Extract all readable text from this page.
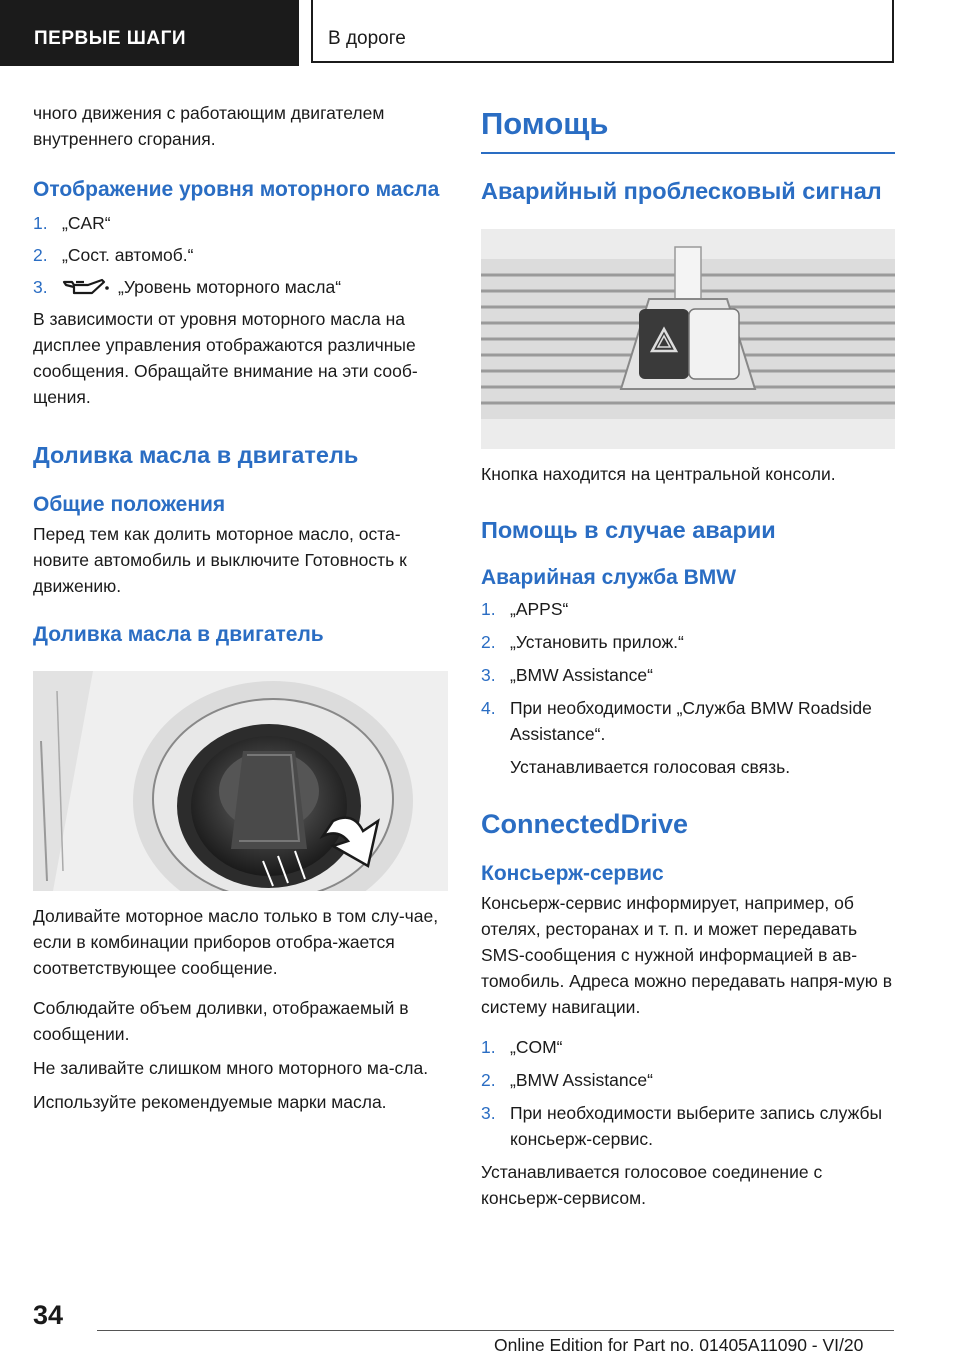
ПЕРВЫЕ ШАГИ	В дороге

чного движения с работающим двигателем внутреннего сгорания.

Отображение уровня моторного масла
1. „CAR“
2. „Сост. автомоб.“
3.	„Уровень моторного масла“

В зависимости от уровня моторного масла на дисплее управления отображаются различные сообщения. Обращайте внимание на эти сооб-щения.

Доливка масла в двигатель
Общие положения

Перед тем как долить моторное масло, оста-новите автомобиль и выключите Готовность к движению.

Доливка масла в двигатель

Доливайте моторное масло только в том слу-чае, если в комбинации приборов отобра-жается соответствующее сообщение.

Соблюдайте объем доливки, отображаемый в сообщении.

Не заливайте слишком много моторного ма-сла.

Используйте рекомендуемые марки масла.

Помощь
Аварийный проблесковый сигнал

Кнопка находится на центральной консоли.

Помощь в случае аварии
Аварийная служба BMW
1. „APPS“
2. „Установить прилож.“
3. „BMW Assistance“
4. При необходимости „Служба BMW Roadside Assistance“.

Устанавливается голосовая связь.

ConnectedDrive
Консьерж-сервис

Консьерж-сервис информирует, например, об отелях, ресторанах и т. п. и может передавать SMS-сообщения с нужной информацией в ав-томобиль. Адреса можно передавать напря-мую в систему навигации.

1. „COM“
2. „BMW Assistance“
3. При необходимости выберите запись службы консьерж-сервис.

Устанавливается голосовое соединение с консьерж-сервисом.

34
Online Edition for Part no. 01405A11090 - VI/20
